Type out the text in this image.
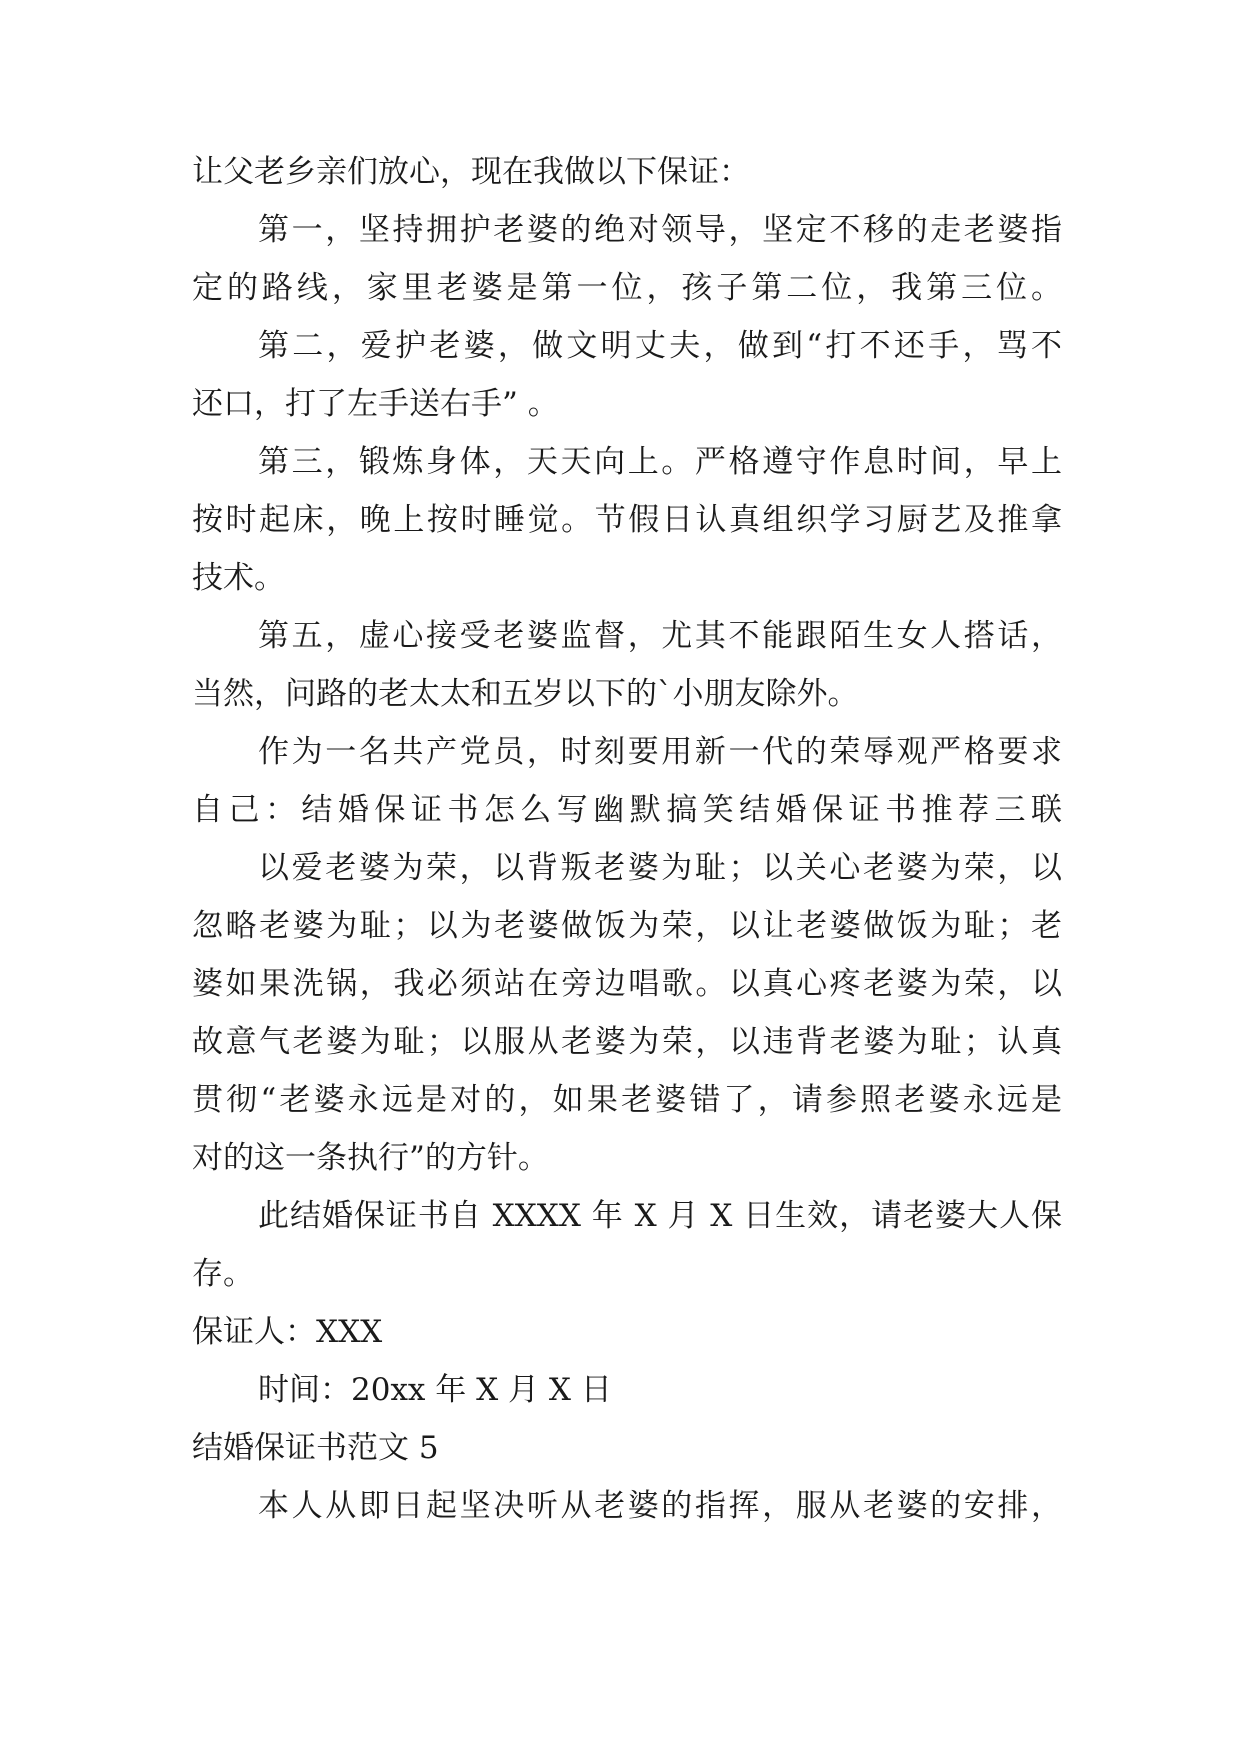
让父老乡亲们放心，现在我做以下保证：

第一，坚持拥护老婆的绝对领导，坚定不移的走老婆指

定的路线，家里老婆是第一位，孩子第二位，我第三位。

第二，爱护老婆，做文明丈夫，做到“打不还手，骂不

还口，打了左手送右手” 。

第三，锻炼身体，天天向上。严格遵守作息时间，早上

按时起床，晚上按时睡觉。节假日认真组织学习厨艺及推拿

技术。

第五，虚心接受老婆监督，尤其不能跟陌生女人搭话，

当然，问路的老太太和五岁以下的`小朋友除外。

作为一名共产党员，时刻要用新一代的荣辱观严格要求

自己：结婚保证书怎么写幽默搞笑结婚保证书推荐三联

以爱老婆为荣，以背叛老婆为耻；以关心老婆为荣，以

忽略老婆为耻；以为老婆做饭为荣，以让老婆做饭为耻；老

婆如果洗锅，我必须站在旁边唱歌。以真心疼老婆为荣，以

故意气老婆为耻；以服从老婆为荣，以违背老婆为耻；认真

贯彻“老婆永远是对的，如果老婆错了，请参照老婆永远是

对的这一条执行”的方针。

此结婚保证书自 XXXX 年 X 月 X 日生效，请老婆大人保

存。

保证人：XXX

时间：20xx 年 X 月 X 日

结婚保证书范文 5

本人从即日起坚决听从老婆的指挥，服从老婆的安排，
